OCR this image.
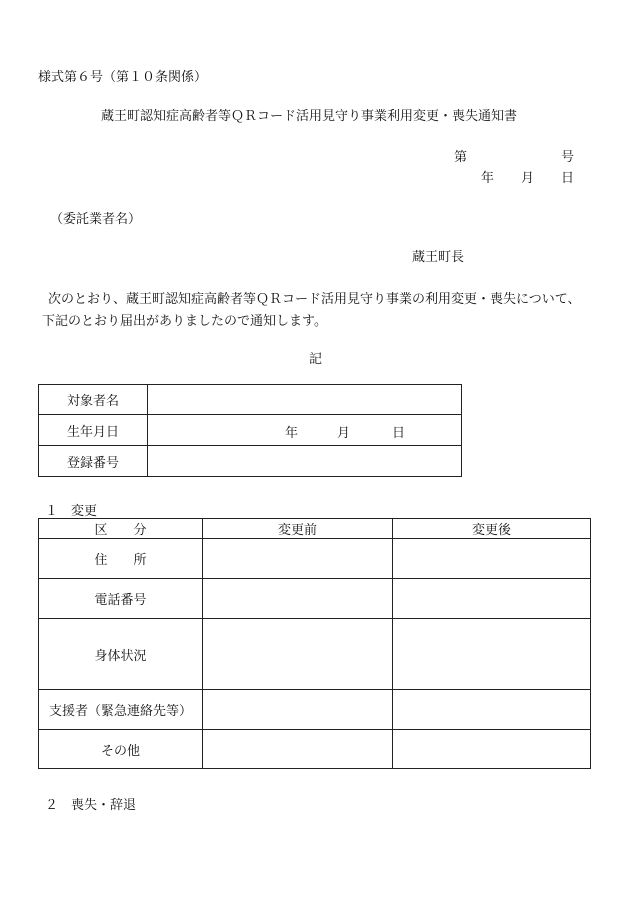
様式第６号（第１０条関係）
蔵王町認知症高齢者等ＱＲコード活用見守り事業利用変更・喪失通知書
第	号
年 月 日
（委託業者名）
蔵王町長
次のとおり、蔵王町認知症高齢者等ＱＲコード活用見守り事業の利用変更・喪失について、
下記のとおり届出がありましたので通知します。
記
対象者名	
生年月日	年 月 日

登録番号	
１　変更
区　　分	変更前	変更後
住　　所		
電話番号		
身体状況		
支援者（緊急連絡先等）		
その他		
２　喪失・辞退
